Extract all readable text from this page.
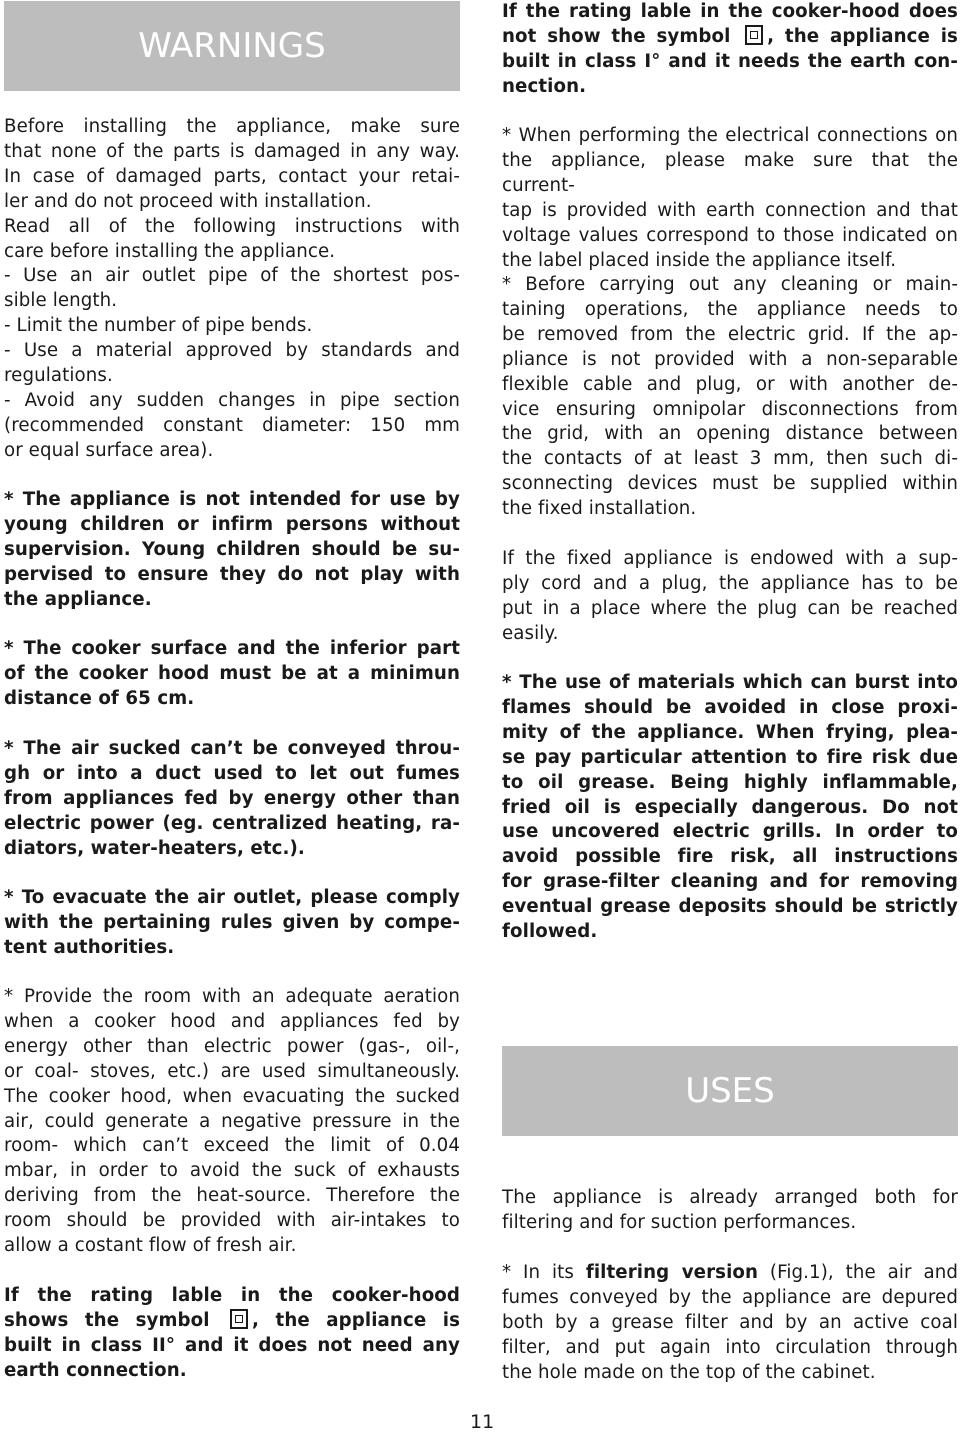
WARNINGS

Before installing the appliance, make sure
that none of the parts is damaged in any way.
In case of damaged parts, contact your retai-
ler and do not proceed with installation.
Read all of the following instructions with
care before installing the appliance.
- Use an air outlet pipe of the shortest pos-
sible length.
- Limit the number of pipe bends.
- Use a material approved by standards and
regulations.
- Avoid any sudden changes in pipe section
(recommended constant diameter: 150 mm
or equal surface area).

* The appliance is not intended for use by
young children or infirm persons without
supervision. Young children should be su-
pervised to ensure they do not play with
the appliance.

* The cooker surface and the inferior part
of the cooker hood must be at a minimun
distance of 65 cm.

* The air sucked can’t be conveyed throu-
gh or into a duct used to let out fumes
from appliances fed by energy other than
electric power (eg. centralized heating, ra-
diators, water-heaters, etc.).

* To evacuate the air outlet, please comply
with the pertaining rules given by compe-
tent authorities.

* Provide the room with an adequate aeration
when a cooker hood and appliances fed by
energy other than electric power (gas-, oil-,
or coal- stoves, etc.) are used simultaneously.
The cooker hood, when evacuating the sucked
air, could generate a negative pressure in the
room- which can’t exceed the limit of 0.04
mbar, in order to avoid the suck of exhausts
deriving from the heat-source. Therefore the
room should be provided with air-intakes to
allow a costant flow of fresh air.

If the rating lable in the cooker-hood
shows the symbol , the appliance is
built in class II° and it does not need any
earth connection.

If the rating lable in the cooker-hood does
not show the symbol , the appliance is
built in class I° and it needs the earth con-
nection.

* When performing the electrical connections on
the appliance, please make sure that the current-
tap is provided with earth connection and that
voltage values correspond to those indicated on
the label placed inside the appliance itself.

* Before carrying out any cleaning or main-
taining operations, the appliance needs to
be removed from the electric grid. If the ap-
pliance is not provided with a non-separable
flexible cable and plug, or with another de-
vice ensuring omnipolar disconnections from
the grid, with an opening distance between
the contacts of at least 3 mm, then such di-
sconnecting devices must be supplied within
the fixed installation.

If the fixed appliance is endowed with a sup-
ply cord and a plug, the appliance has to be
put in a place where the plug can be reached
easily.

* The use of materials which can burst into
flames should be avoided in close proxi-
mity of the appliance. When frying, plea-
se pay particular attention to fire risk due
to oil grease. Being highly inflammable,
fried oil is especially dangerous. Do not
use uncovered electric grills. In order to
avoid possible fire risk, all instructions
for grase-filter cleaning and for removing
eventual grease deposits should be strictly
followed.

USES

The appliance is already arranged both for
filtering and for suction performances.

* In its filtering version (Fig.1), the air and
fumes conveyed by the appliance are depured
both by a grease filter and by an active coal
filter, and put again into circulation through
the hole made on the top of the cabinet.

11
